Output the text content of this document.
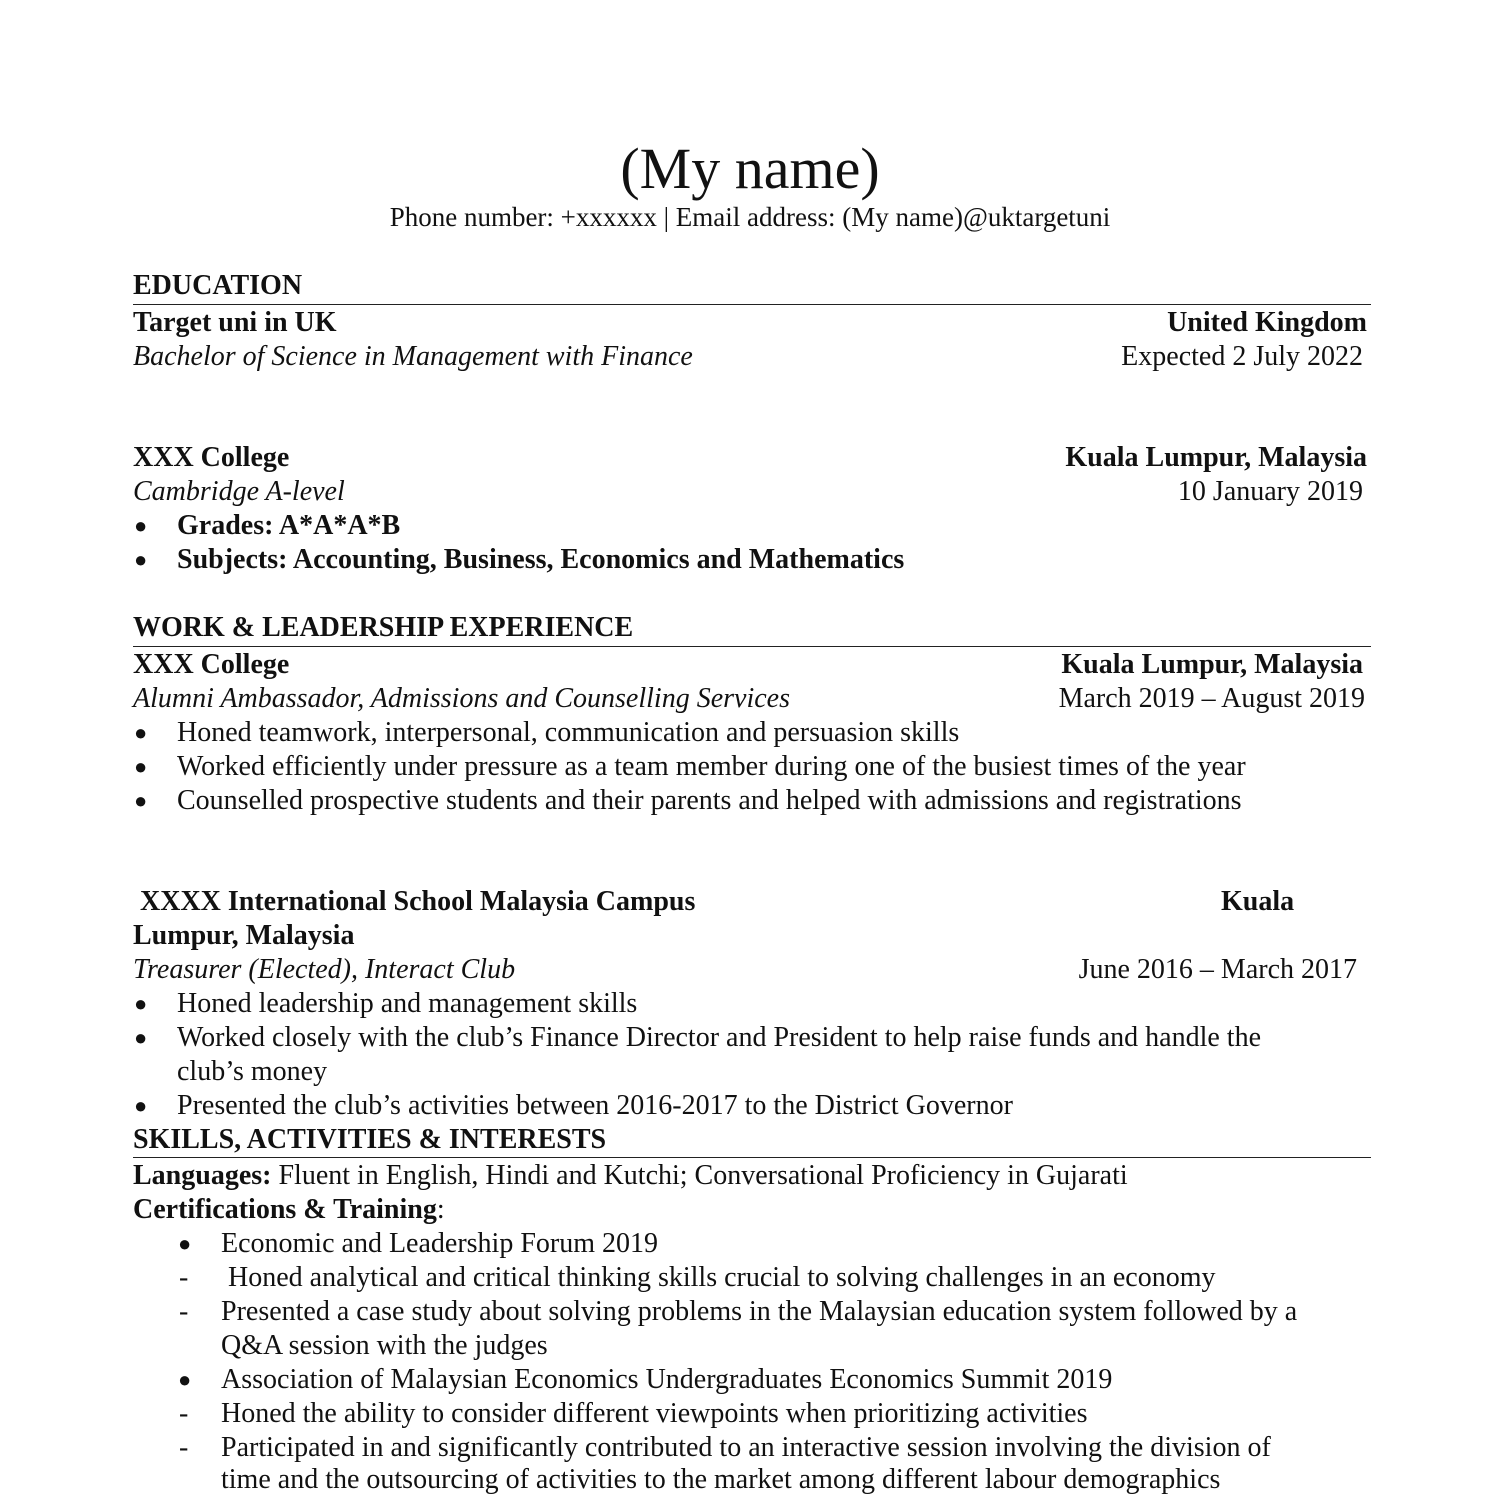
(My name)
Phone number: +xxxxxx | Email address: (My name)@uktargetuni
EDUCATION
Target uni in UK	United Kingdom
Bachelor of Science in Management with Finance	Expected 2 July 2022
XXX College	Kuala Lumpur, Malaysia
Cambridge A-level	10 January 2019
● Grades: A*A*A*B
● Subjects: Accounting, Business, Economics and Mathematics
WORK & LEADERSHIP EXPERIENCE
XXX College	Kuala Lumpur, Malaysia
Alumni Ambassador, Admissions and Counselling Services	March 2019 – August 2019
● Honed teamwork, interpersonal, communication and persuasion skills
● Worked efficiently under pressure as a team member during one of the busiest times of the year
● Counselled prospective students and their parents and helped with admissions and registrations
XXXX International School Malaysia Campus	Kuala
Lumpur, Malaysia
Treasurer (Elected), Interact Club	June 2016 – March 2017
● Honed leadership and management skills
● Worked closely with the club’s Finance Director and President to help raise funds and handle the
club’s money
● Presented the club’s activities between 2016-2017 to the District Governor
SKILLS, ACTIVITIES & INTERESTS
Languages: Fluent in English, Hindi and Kutchi; Conversational Proficiency in Gujarati
Certifications & Training:
● Economic and Leadership Forum 2019
- Honed analytical and critical thinking skills crucial to solving challenges in an economy
- Presented a case study about solving problems in the Malaysian education system followed by a
Q&A session with the judges
● Association of Malaysian Economics Undergraduates Economics Summit 2019
- Honed the ability to consider different viewpoints when prioritizing activities
- Participated in and significantly contributed to an interactive session involving the division of
time and the outsourcing of activities to the market among different labour demographics
